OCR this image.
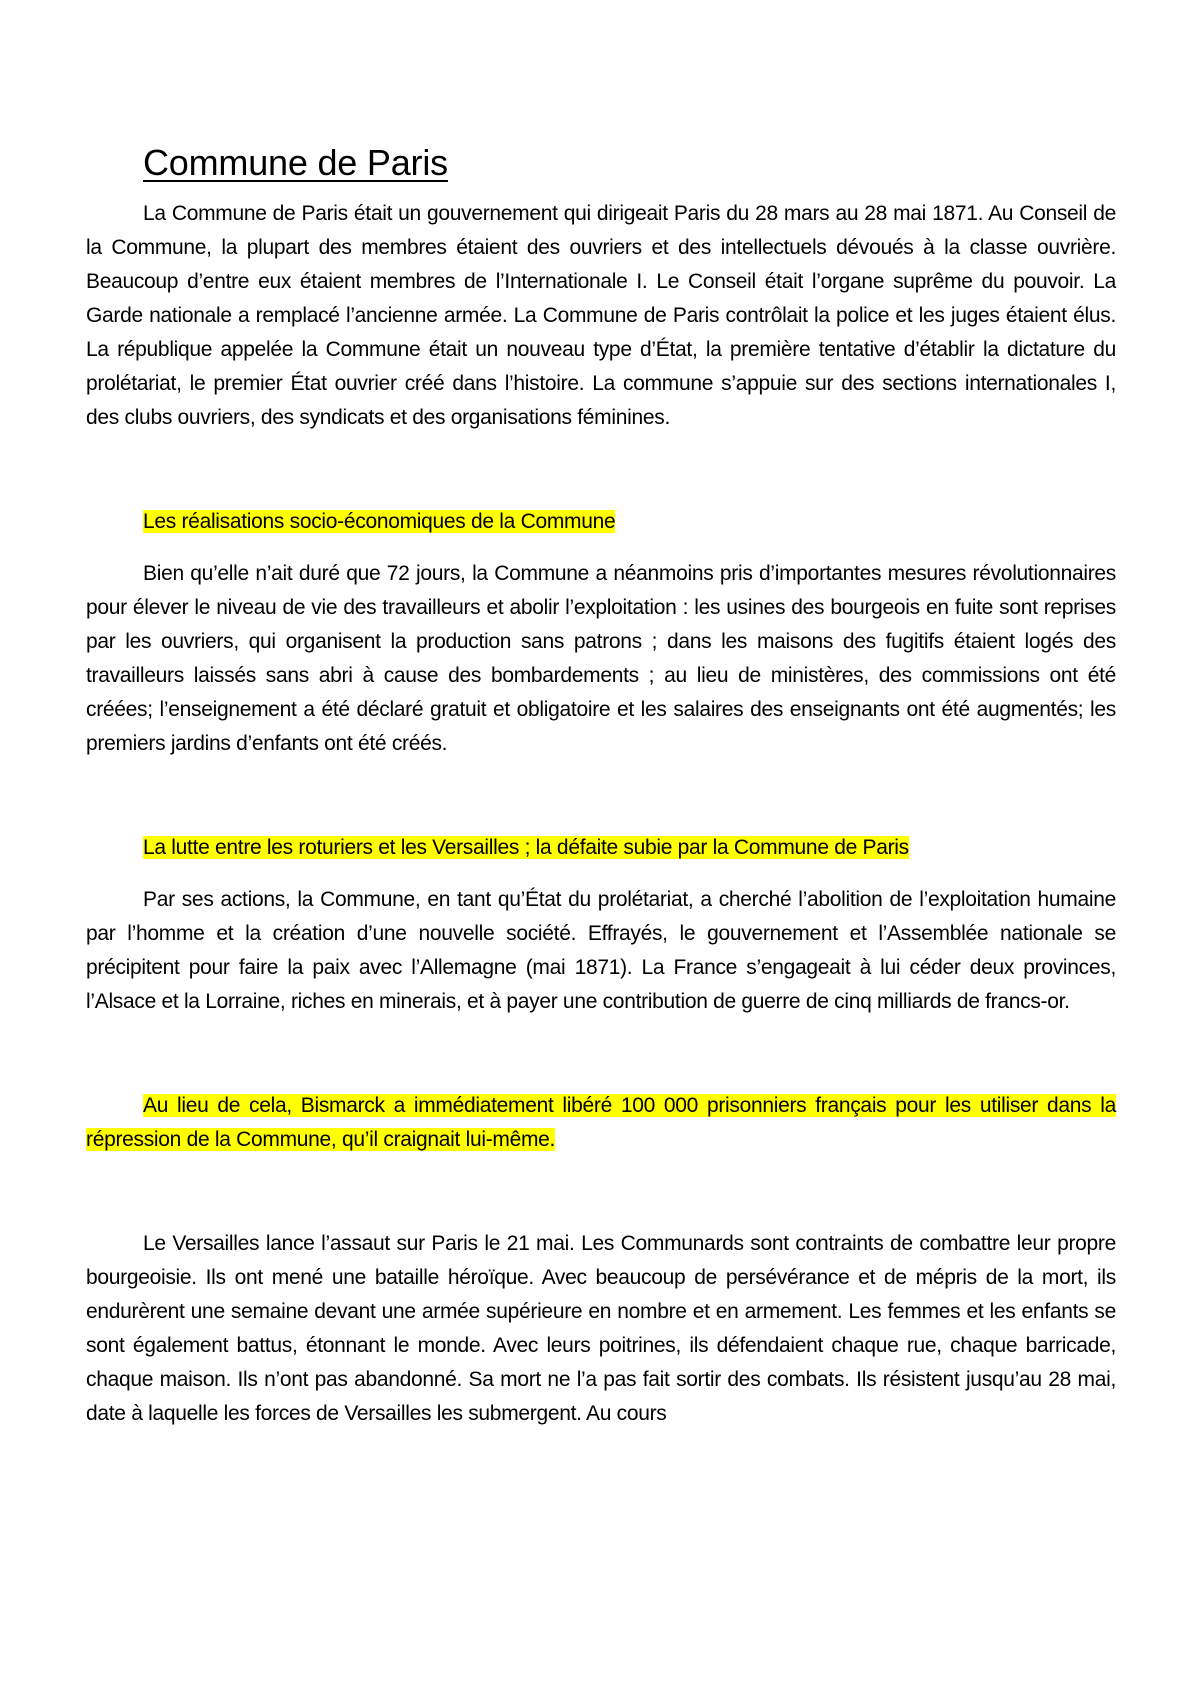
Commune de Paris

La Commune de Paris était un gouvernement qui dirigeait Paris du 28 mars au 28 mai 1871. Au Conseil de la Commune, la plupart des membres étaient des ouvriers et des intellectuels dévoués à la classe ouvrière. Beaucoup d’entre eux étaient membres de l’Internationale I. Le Conseil était l’organe suprême du pouvoir. La Garde nationale a remplacé l’ancienne armée. La Commune de Paris contrôlait la police et les juges étaient élus. La république appelée la Commune était un nouveau type d’État, la première tentative d’établir la dictature du prolétariat, le premier État ouvrier créé dans l’histoire. La commune s’appuie sur des sections internationales I, des clubs ouvriers, des syndicats et des organisations féminines.

Les réalisations socio-économiques de la Commune

Bien qu’elle n’ait duré que 72 jours, la Commune a néanmoins pris d’importantes mesures révolutionnaires pour élever le niveau de vie des travailleurs et abolir l’exploitation : les usines des bourgeois en fuite sont reprises par les ouvriers, qui organisent la production sans patrons ; dans les maisons des fugitifs étaient logés des travailleurs laissés sans abri à cause des bombardements ; au lieu de ministères, des commissions ont été créées; l’enseignement a été déclaré gratuit et obligatoire et les salaires des enseignants ont été augmentés; les premiers jardins d’enfants ont été créés.

La lutte entre les roturiers et les Versailles ; la défaite subie par la Commune de Paris

Par ses actions, la Commune, en tant qu’État du prolétariat, a cherché l’abolition de l’exploitation humaine par l’homme et la création d’une nouvelle société. Effrayés, le gouvernement et l’Assemblée nationale se précipitent pour faire la paix avec l’Allemagne (mai 1871). La France s’engageait à lui céder deux provinces, l’Alsace et la Lorraine, riches en minerais, et à payer une contribution de guerre de cinq milliards de francs-or.

Au lieu de cela, Bismarck a immédiatement libéré 100 000 prisonniers français pour les utiliser dans la répression de la Commune, qu’il craignait lui-même.

Le Versailles lance l’assaut sur Paris le 21 mai. Les Communards sont contraints de combattre leur propre bourgeoisie. Ils ont mené une bataille héroïque. Avec beaucoup de persévérance et de mépris de la mort, ils endurèrent une semaine devant une armée supérieure en nombre et en armement. Les femmes et les enfants se sont également battus, étonnant le monde. Avec leurs poitrines, ils défendaient chaque rue, chaque barricade, chaque maison. Ils n’ont pas abandonné. Sa mort ne l’a pas fait sortir des combats. Ils résistent jusqu’au 28 mai, date à laquelle les forces de Versailles les submergent. Au cours
